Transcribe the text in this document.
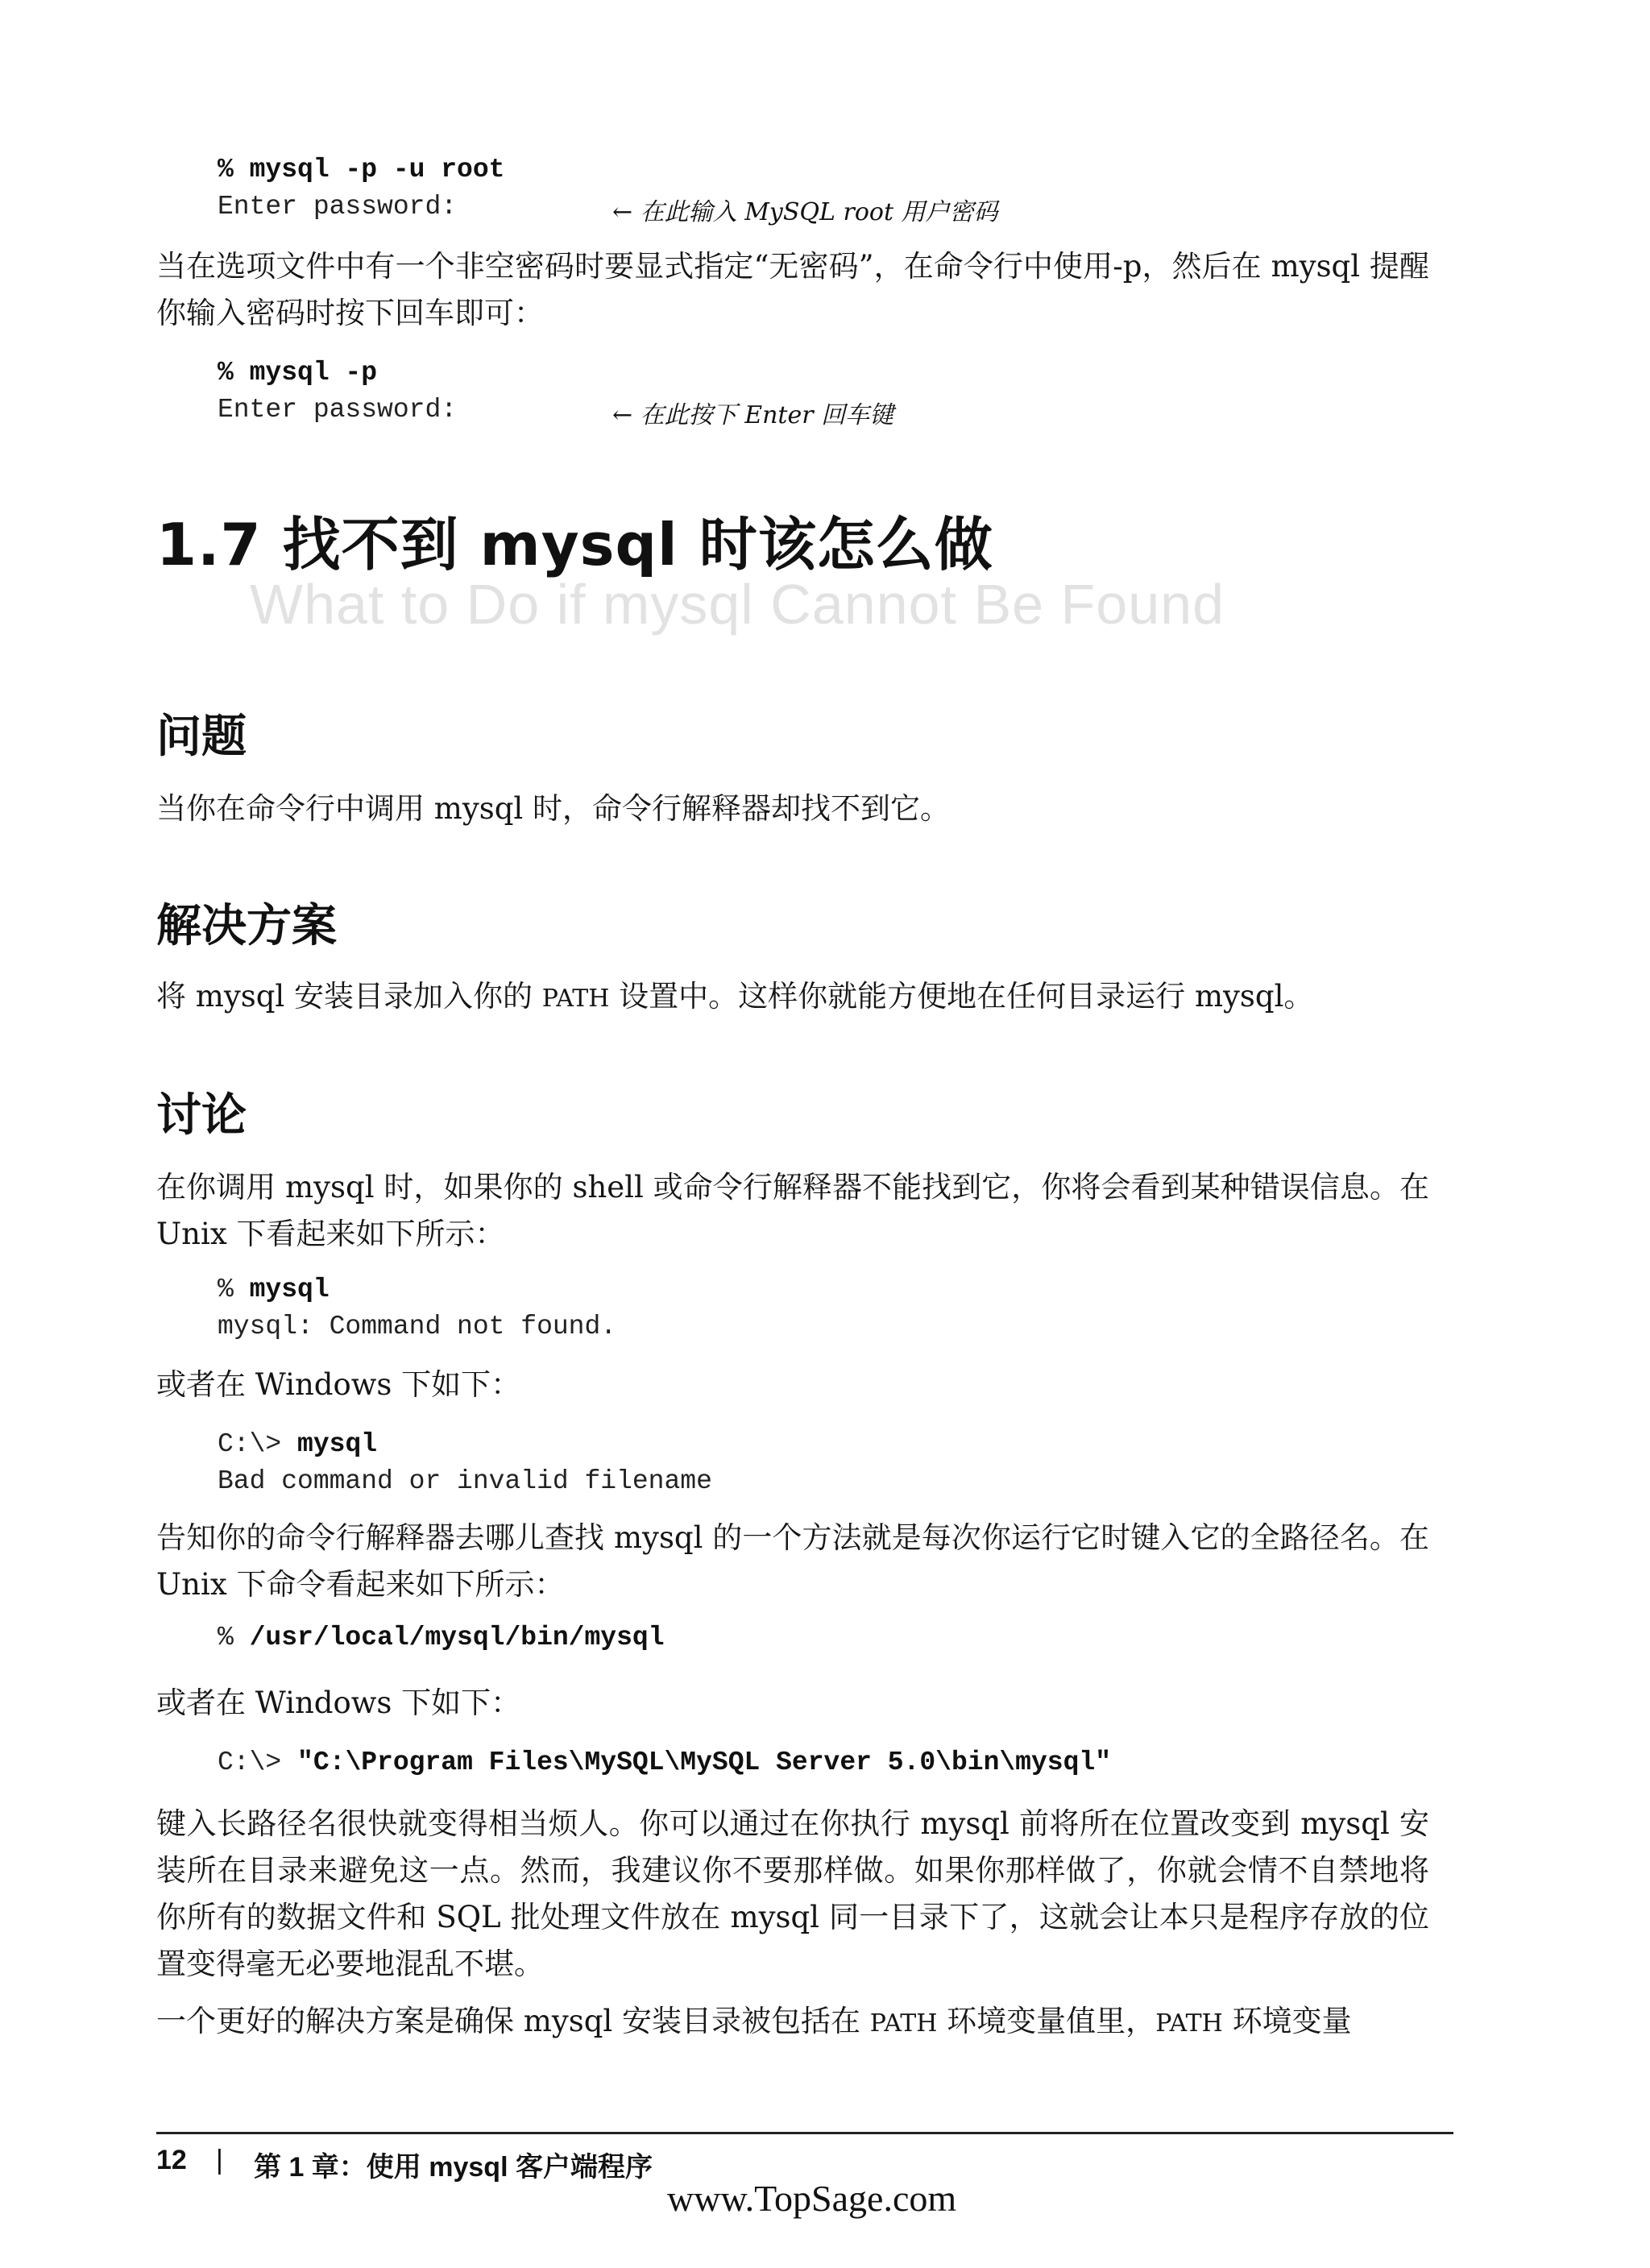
% mysql -p -u root
Enter password:	← 在此输入 MySQL root 用户密码
当在选项文件中有一个非空密码时要显式指定“无密码”，在命令行中使用-p，然后在 mysql 提醒你输入密码时按下回车即可：
% mysql -p
Enter password:	← 在此按下 Enter 回车键
1.7 找不到 mysql 时该怎么做
What to Do if mysql Cannot Be Found
问题
当你在命令行中调用 mysql 时，命令行解释器却找不到它。
解决方案
将 mysql 安装目录加入你的 PATH 设置中。这样你就能方便地在任何目录运行 mysql。
讨论
在你调用 mysql 时，如果你的 shell 或命令行解释器不能找到它，你将会看到某种错误信息。在 Unix 下看起来如下所示：
% mysql
mysql: Command not found.
或者在 Windows 下如下：
C:\> mysql
Bad command or invalid filename
告知你的命令行解释器去哪儿查找 mysql 的一个方法就是每次你运行它时键入它的全路径名。在 Unix 下命令看起来如下所示：
% /usr/local/mysql/bin/mysql
或者在 Windows 下如下：
C:\> "C:\Program Files\MySQL\MySQL Server 5.0\bin\mysql"
键入长路径名很快就变得相当烦人。你可以通过在你执行 mysql 前将所在位置改变到 mysql 安装所在目录来避免这一点。然而，我建议你不要那样做。如果你那样做了，你就会情不自禁地将你所有的数据文件和 SQL 批处理文件放在 mysql 同一目录下了，这就会让本只是程序存放的位置变得毫无必要地混乱不堪。
一个更好的解决方案是确保 mysql 安装目录被包括在 PATH 环境变量值里，PATH 环境变量
12 | 第 1 章：使用 mysql 客户端程序
www.TopSage.com
